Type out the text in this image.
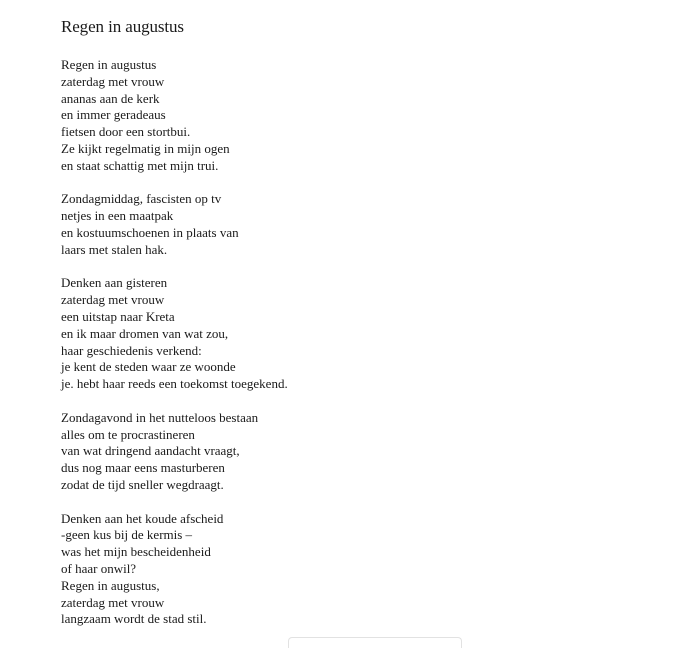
Regen in augustus
Regen in augustus
zaterdag met vrouw
ananas aan de kerk
en immer geradeaus
fietsen door een stortbui.
Ze kijkt regelmatig in mijn ogen
en staat schattig met mijn trui.
Zondagmiddag, fascisten op tv
netjes in een maatpak
en kostuumschoenen in plaats van
laars met stalen hak.
Denken aan gisteren
zaterdag met vrouw
een uitstap naar Kreta
en ik maar dromen van wat zou,
haar geschiedenis verkend:
je kent de steden waar ze woonde
je. hebt haar reeds een toekomst toegekend.
Zondagavond in het nutteloos bestaan
alles om te procrastineren
van wat dringend aandacht vraagt,
dus nog maar eens masturberen
zodat de tijd sneller wegdraagt.
Denken aan het koude afscheid
-geen kus bij de kermis –
was het mijn bescheidenheid
of haar onwil?
Regen in augustus,
zaterdag met vrouw
langzaam wordt de stad stil.
